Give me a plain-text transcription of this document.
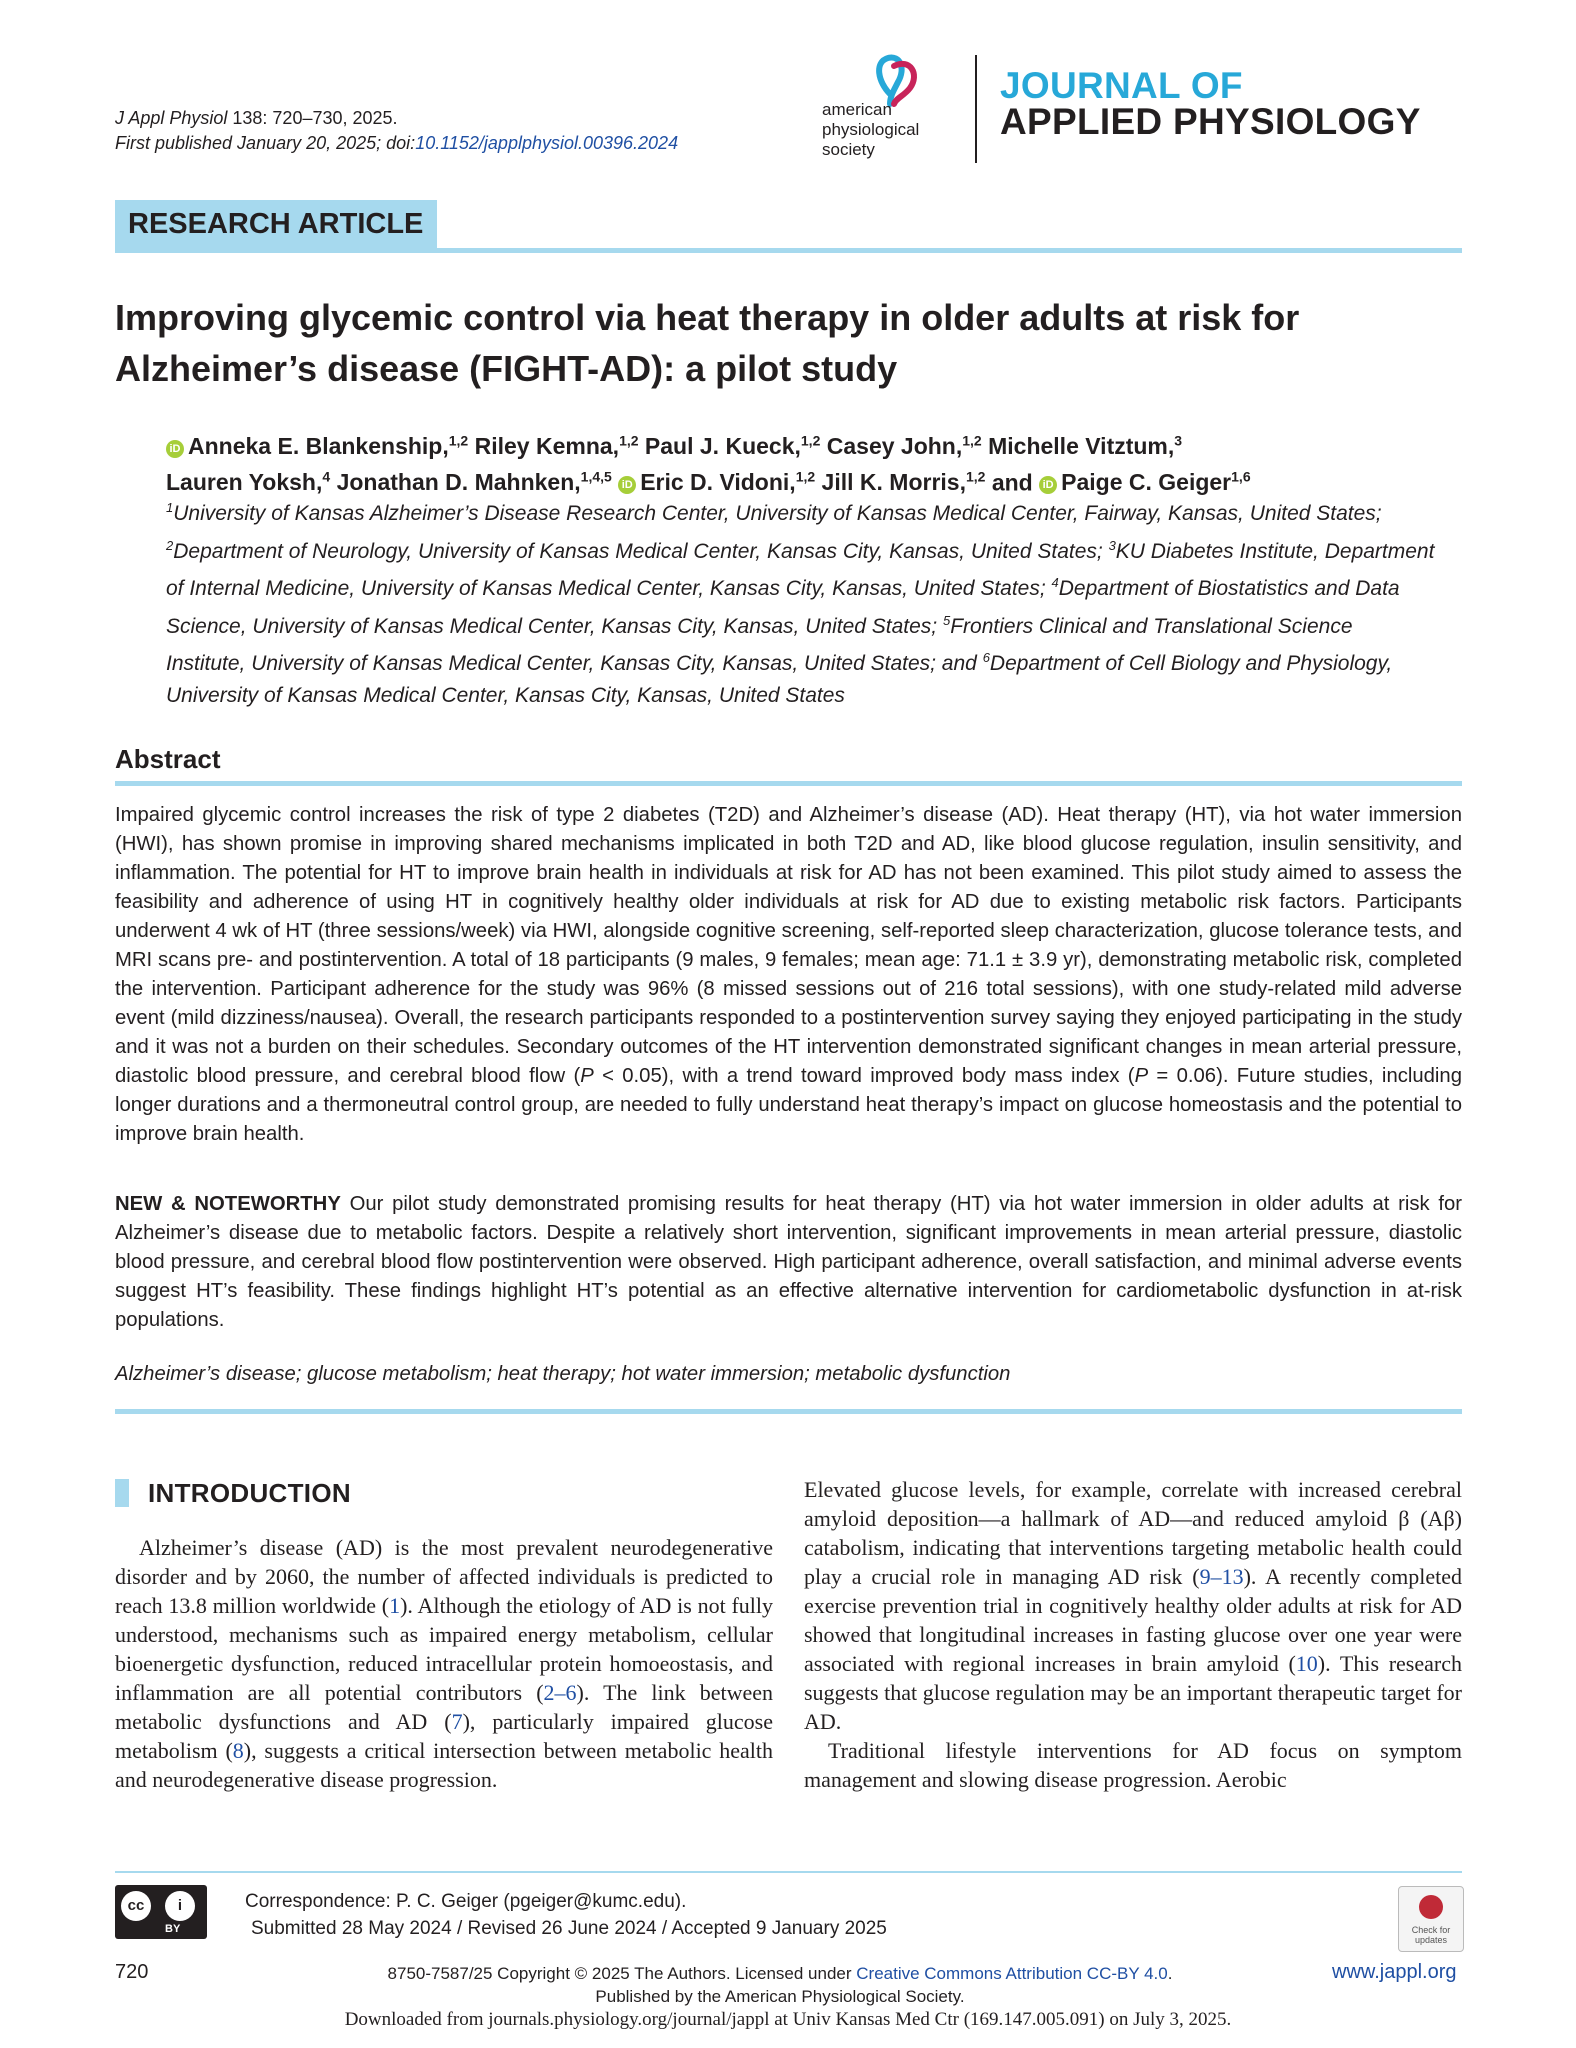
J Appl Physiol 138: 720–730, 2025.
First published January 20, 2025; doi:10.1152/japplphysiol.00396.2024
american
physiological
society
JOURNAL OF
APPLIED PHYSIOLOGY
RESEARCH ARTICLE
Improving glycemic control via heat therapy in older adults at risk for Alzheimer’s disease (FIGHT-AD): a pilot study
iD Anneka E. Blankenship,$^{1,2}$ Riley Kemna,$^{1,2}$ Paul J. Kueck,$^{1,2}$ Casey John,$^{1,2}$ Michelle Vitztum,$^3$
Lauren Yoksh,$^4$ Jonathan D. Mahnken,$^{1,4,5}$ iD Eric D. Vidoni,$^{1,2}$ Jill K. Morris,$^{1,2}$ and iD Paige C. Geiger$^{1,6}$
$^1$University of Kansas Alzheimer’s Disease Research Center, University of Kansas Medical Center, Fairway, Kansas, United States; $^2$Department of Neurology, University of Kansas Medical Center, Kansas City, Kansas, United States; $^3$KU Diabetes Institute, Department of Internal Medicine, University of Kansas Medical Center, Kansas City, Kansas, United States; $^4$Department of Biostatistics and Data Science, University of Kansas Medical Center, Kansas City, Kansas, United States; $^5$Frontiers Clinical and Translational Science Institute, University of Kansas Medical Center, Kansas City, Kansas, United States; and $^6$Department of Cell Biology and Physiology, University of Kansas Medical Center, Kansas City, Kansas, United States
Abstract
Impaired glycemic control increases the risk of type 2 diabetes (T2D) and Alzheimer’s disease (AD). Heat therapy (HT), via hot water immersion (HWI), has shown promise in improving shared mechanisms implicated in both T2D and AD, like blood glucose regulation, insulin sensitivity, and inflammation. The potential for HT to improve brain health in individuals at risk for AD has not been examined. This pilot study aimed to assess the feasibility and adherence of using HT in cognitively healthy older individuals at risk for AD due to existing metabolic risk factors. Participants underwent 4 wk of HT (three sessions/week) via HWI, alongside cognitive screening, self-reported sleep characterization, glucose tolerance tests, and MRI scans pre- and postintervention. A total of 18 participants (9 males, 9 females; mean age: 71.1 ± 3.9 yr), demonstrating metabolic risk, completed the intervention. Participant adherence for the study was 96% (8 missed sessions out of 216 total sessions), with one study-related mild adverse event (mild dizziness/nausea). Overall, the research participants responded to a postintervention survey saying they enjoyed participating in the study and it was not a burden on their schedules. Secondary outcomes of the HT intervention demonstrated significant changes in mean arterial pressure, diastolic blood pressure, and cerebral blood flow (P < 0.05), with a trend toward improved body mass index (P = 0.06). Future studies, including longer durations and a thermoneutral control group, are needed to fully understand heat therapy’s impact on glucose homeostasis and the potential to improve brain health.
NEW & NOTEWORTHY Our pilot study demonstrated promising results for heat therapy (HT) via hot water immersion in older adults at risk for Alzheimer’s disease due to metabolic factors. Despite a relatively short intervention, significant improvements in mean arterial pressure, diastolic blood pressure, and cerebral blood flow postintervention were observed. High participant adherence, overall satisfaction, and minimal adverse events suggest HT’s feasibility. These findings highlight HT’s potential as an effective alternative intervention for cardiometabolic dysfunction in at-risk populations.
Alzheimer’s disease; glucose metabolism; heat therapy; hot water immersion; metabolic dysfunction
INTRODUCTION
Alzheimer’s disease (AD) is the most prevalent neurodegenerative disorder and by 2060, the number of affected individuals is predicted to reach 13.8 million worldwide (1). Although the etiology of AD is not fully understood, mechanisms such as impaired energy metabolism, cellular bioenergetic dysfunction, reduced intracellular protein homoeostasis, and inflammation are all potential contributors (2–6). The link between metabolic dysfunctions and AD (7), particularly impaired glucose metabolism (8), suggests a critical intersection between metabolic health and neurodegenerative disease progression.
Elevated glucose levels, for example, correlate with increased cerebral amyloid deposition—a hallmark of AD—and reduced amyloid β (Aβ) catabolism, indicating that interventions targeting metabolic health could play a crucial role in managing AD risk (9–13). A recently completed exercise prevention trial in cognitively healthy older adults at risk for AD showed that longitudinal increases in fasting glucose over one year were associated with regional increases in brain amyloid (10). This research suggests that glucose regulation may be an important therapeutic target for AD.
Traditional lifestyle interventions for AD focus on symptom management and slowing disease progression. Aerobic
cc	i
BY
Correspondence: P. C. Geiger (pgeiger@kumc.edu).
Submitted 28 May 2024 / Revised 26 June 2024 / Accepted 9 January 2025	Check for updates
720	8750-7587/25 Copyright © 2025 The Authors. Licensed under Creative Commons Attribution CC-BY 4.0.
Published by the American Physiological Society.
www.jappl.org
Downloaded from journals.physiology.org/journal/jappl at Univ Kansas Med Ctr (169.147.005.091) on July 3, 2025.
